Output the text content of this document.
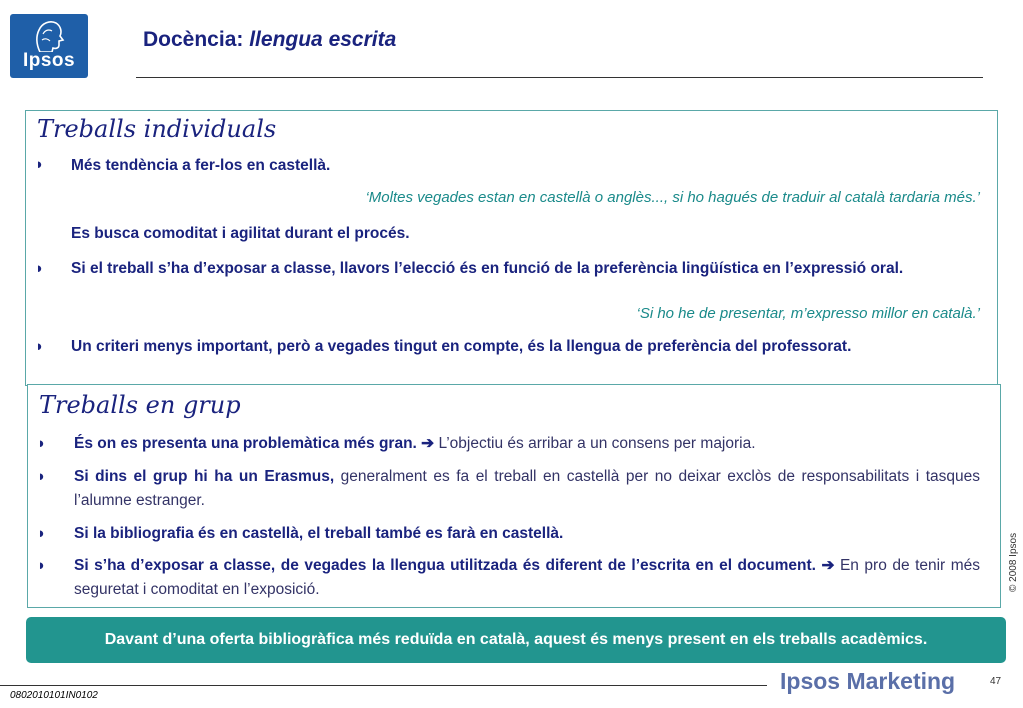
Ipsos
Docència: llengua escrita
Treballs individuals
◗ Més tendència a fer-los en castellà.
‘Moltes vegades estan en castellà o anglès..., si ho hagués de traduir al català tardaria més.’
Es busca comoditat i agilitat durant el procés.
◗ Si el treball s’ha d’exposar a classe, llavors l’elecció és en funció de la preferència lingüística en l’expressió oral.
‘Si ho he de presentar, m’expresso millor en català.’
◗ Un criteri menys important, però a vegades tingut en compte, és la llengua de preferència del professorat.
Treballs en grup
◗ És on es presenta una problemàtica més gran. ➔ L’objectiu és arribar a un consens per majoria.
◗ Si dins el grup hi ha un Erasmus, generalment es fa el treball en castellà per no deixar exclòs de responsabilitats i tasques l’alumne estranger.
◗ Si la bibliografia és en castellà, el treball també es farà en castellà.
◗ Si s’ha d’exposar a classe, de vegades la llengua utilitzada és diferent de l’escrita en el document. ➔ En pro de tenir més seguretat i comoditat en l’exposició.
Davant d’una oferta bibliogràfica més reduïda en català, aquest és menys present en els treballs acadèmics.
© 2008 Ipsos
Ipsos Marketing	47
0802010101IN0102
